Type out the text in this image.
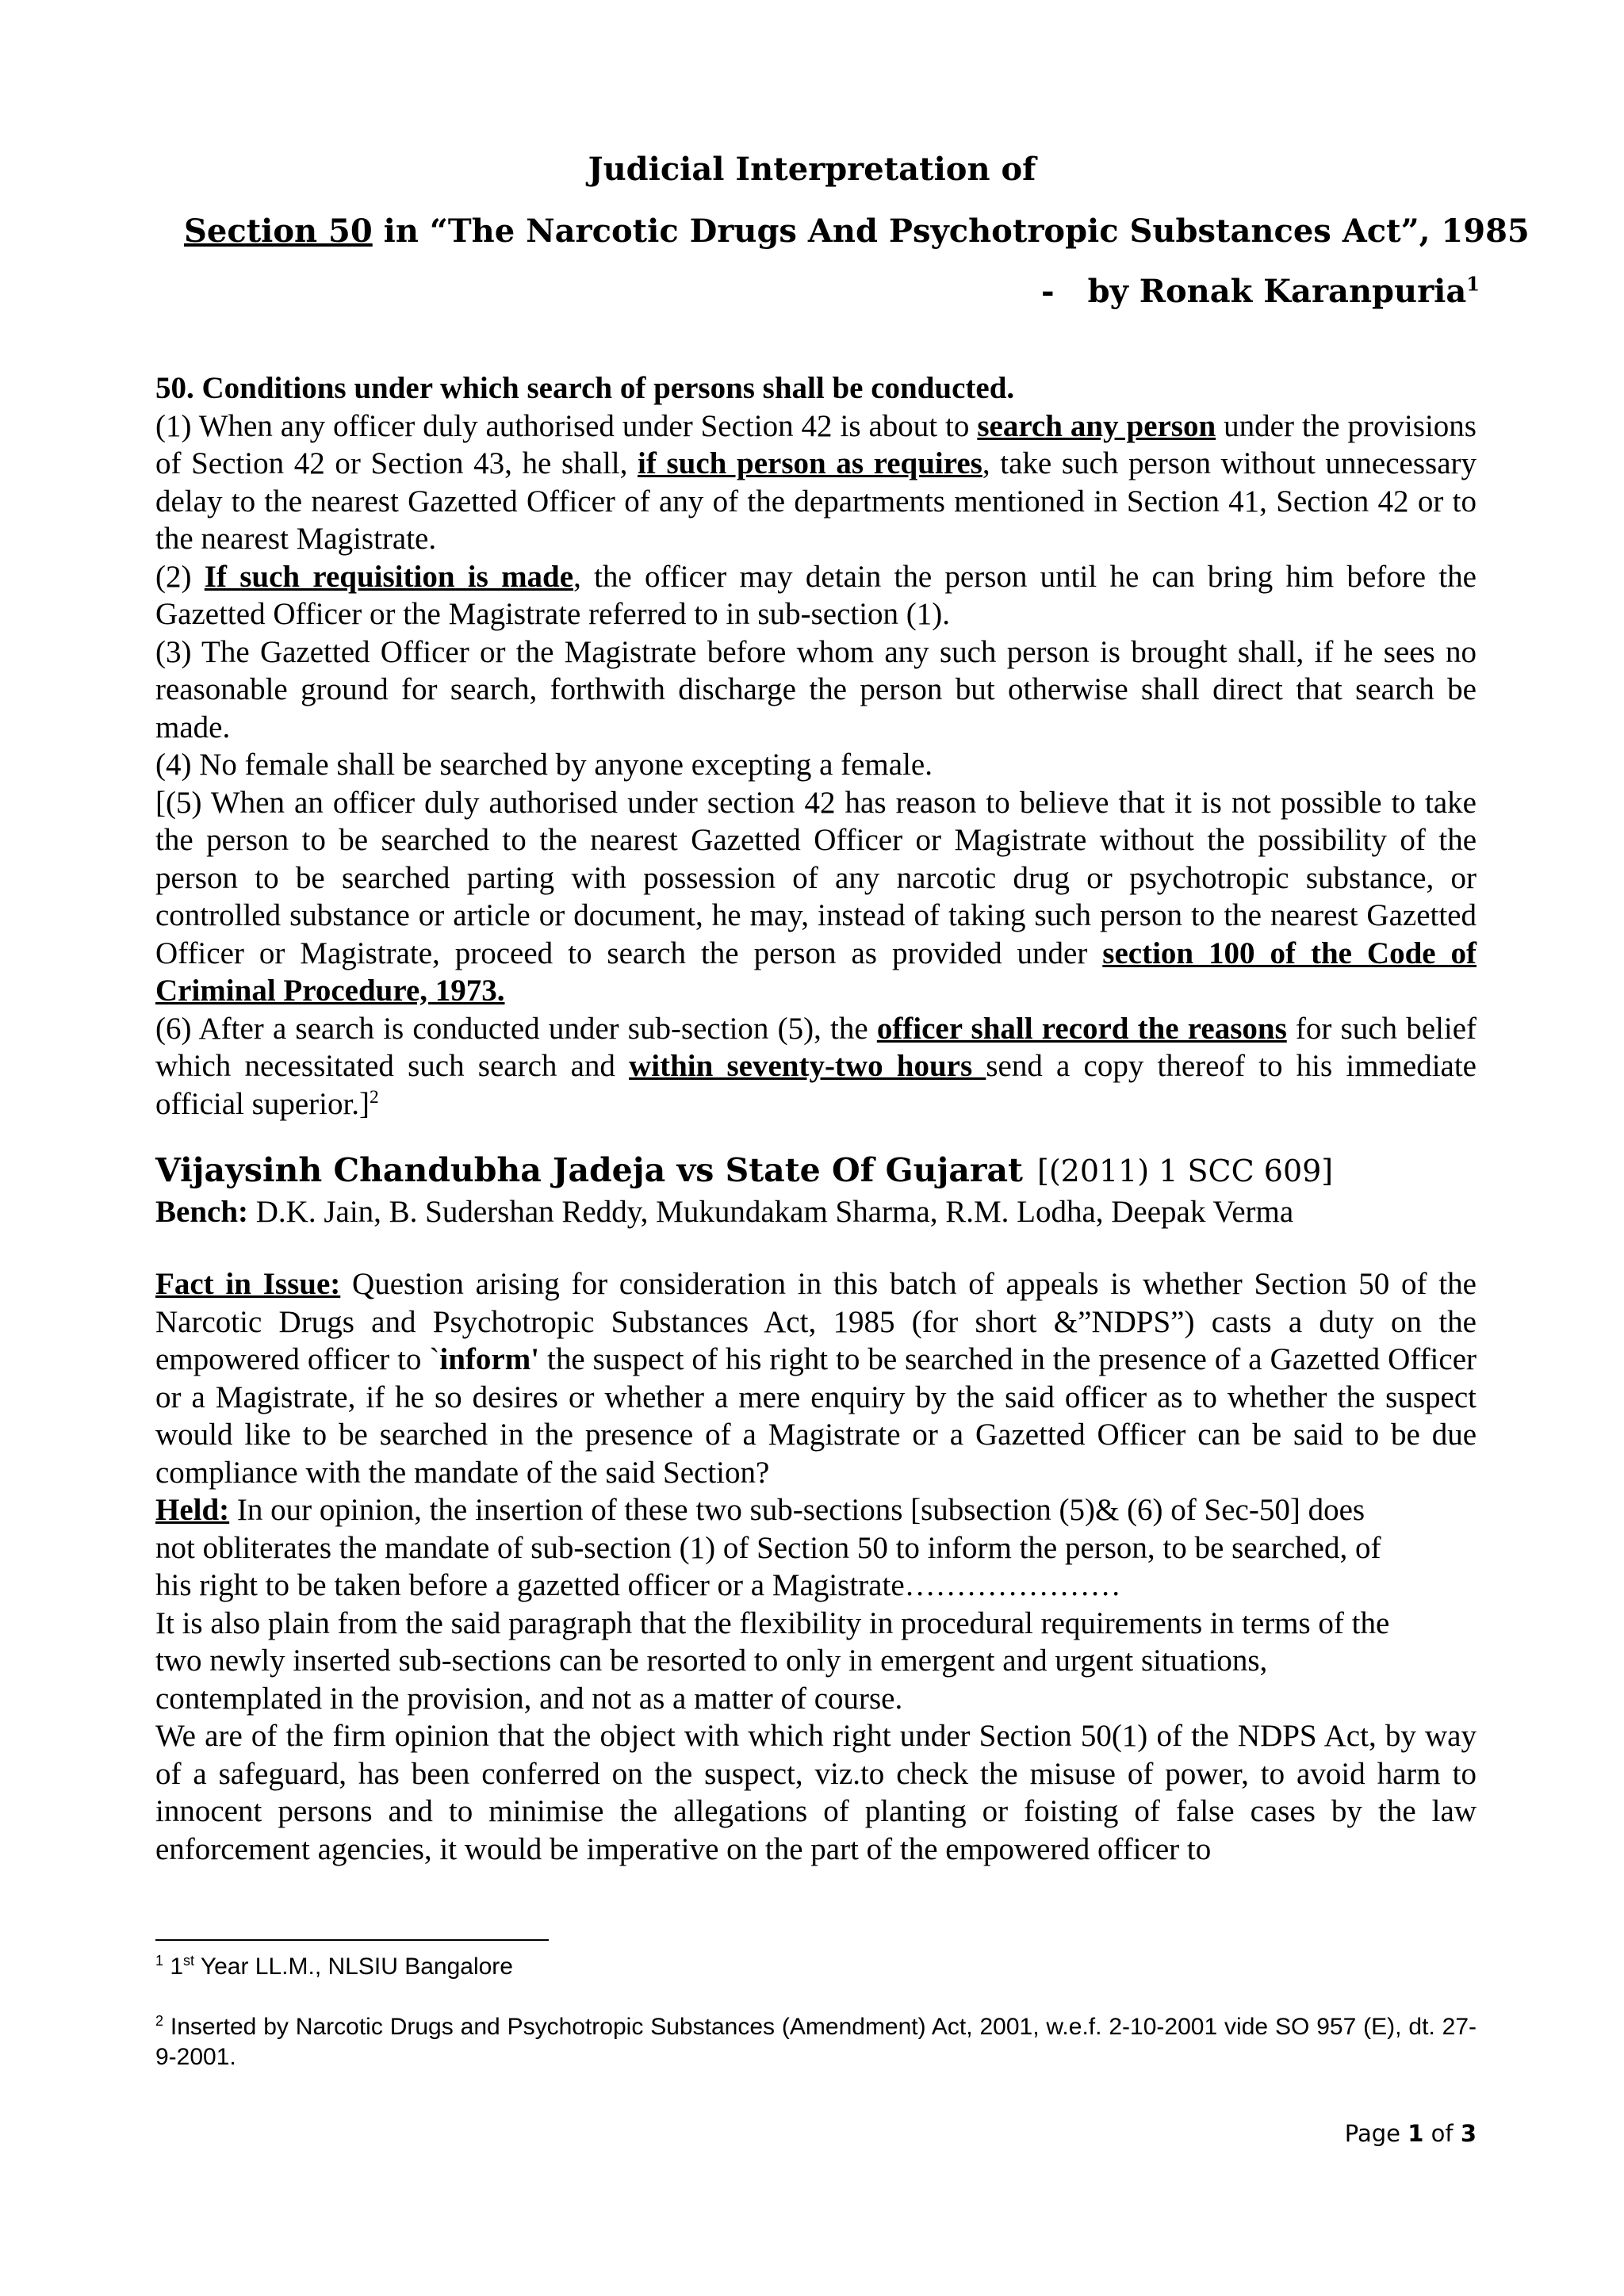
Judicial Interpretation of
Section 50 in “The Narcotic Drugs And Psychotropic Substances Act”, 1985
- by Ronak Karanpuria$^1$

50. Conditions under which search of persons shall be conducted.

(1) When any officer duly authorised under Section 42 is about to search any person under the provisions of Section 42 or Section 43, he shall, if such person as requires, take such person without unnecessary delay to the nearest Gazetted Officer of any of the departments mentioned in Section 41, Section 42 or to the nearest Magistrate.

(2) If such requisition is made, the officer may detain the person until he can bring him before the Gazetted Officer or the Magistrate referred to in sub-section (1).

(3) The Gazetted Officer or the Magistrate before whom any such person is brought shall, if he sees no reasonable ground for search, forthwith discharge the person but otherwise shall direct that search be made.

(4) No female shall be searched by anyone excepting a female.

[(5) When an officer duly authorised under section 42 has reason to believe that it is not possible to take the person to be searched to the nearest Gazetted Officer or Magistrate without the possibility of the person to be searched parting with possession of any narcotic drug or psychotropic substance, or controlled substance or article or document, he may, instead of taking such person to the nearest Gazetted Officer or Magistrate, proceed to search the person as provided under section 100 of the Code of Criminal Procedure, 1973.

(6) After a search is conducted under sub-section (5), the officer shall record the reasons for such belief which necessitated such search and within seventy-two hours send a copy thereof to his immediate official superior.]$^2$

Vijaysinh Chandubha Jadeja vs State Of Gujarat [(2011) 1 SCC 609]
Bench: D.K. Jain, B. Sudershan Reddy, Mukundakam Sharma, R.M. Lodha, Deepak Verma

Fact in Issue: Question arising for consideration in this batch of appeals is whether Section 50 of the Narcotic Drugs and Psychotropic Substances Act, 1985 (for short &”NDPS”) casts a duty on the empowered officer to `inform' the suspect of his right to be searched in the presence of a Gazetted Officer or a Magistrate, if he so desires or whether a mere enquiry by the said officer as to whether the suspect would like to be searched in the presence of a Magistrate or a Gazetted Officer can be said to be due compliance with the mandate of the said Section?

Held: In our opinion, the insertion of these two sub-sections [subsection (5)& (6) of Sec-50] does
not obliterates the mandate of sub-section (1) of Section 50 to inform the person, to be searched, of
his right to be taken before a gazetted officer or a Magistrate…………………

It is also plain from the said paragraph that the flexibility in procedural requirements in terms of the
two newly inserted sub-sections can be resorted to only in emergent and urgent situations,
contemplated in the provision, and not as a matter of course.

We are of the firm opinion that the object with which right under Section 50(1) of the NDPS Act, by way of a safeguard, has been conferred on the suspect, viz.to check the misuse of power, to avoid harm to innocent persons and to minimise the allegations of planting or foisting of false cases by the law enforcement agencies, it would be imperative on the part of the empowered officer to

$^1$ 1st Year LL.M., NLSIU Bangalore
$^2$ Inserted by Narcotic Drugs and Psychotropic Substances (Amendment) Act, 2001, w.e.f. 2-10-2001 vide SO 957 (E), dt. 27-9-2001.
Page 1 of 3
